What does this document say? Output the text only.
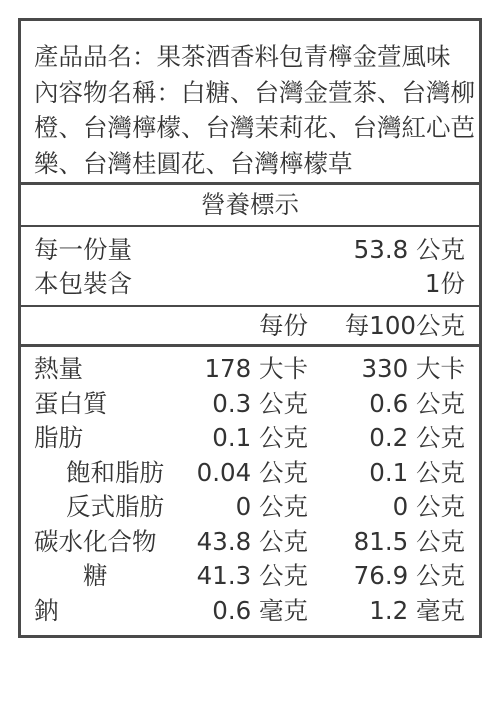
產品品名：果茶酒香料包青檸金萱風味
內容物名稱：白糖、台灣金萱茶、台灣柳
橙、台灣檸檬、台灣茉莉花、台灣紅心芭
樂、台灣桂圓花、台灣檸檬草
營養標示
每一份量	53.8 公克
本包裝含	1份
每份 每100公克
熱量	178 大卡 330 大卡
蛋白質	0.3 公克 0.6 公克
脂肪	0.1 公克 0.2 公克
飽和脂肪 0.04 公克 0.1 公克
反式脂肪	0 公克	0 公克
碳水化合物 43.8 公克 81.5 公克
糖	41.3 公克 76.9 公克
鈉	0.6 毫克 1.2 毫克
